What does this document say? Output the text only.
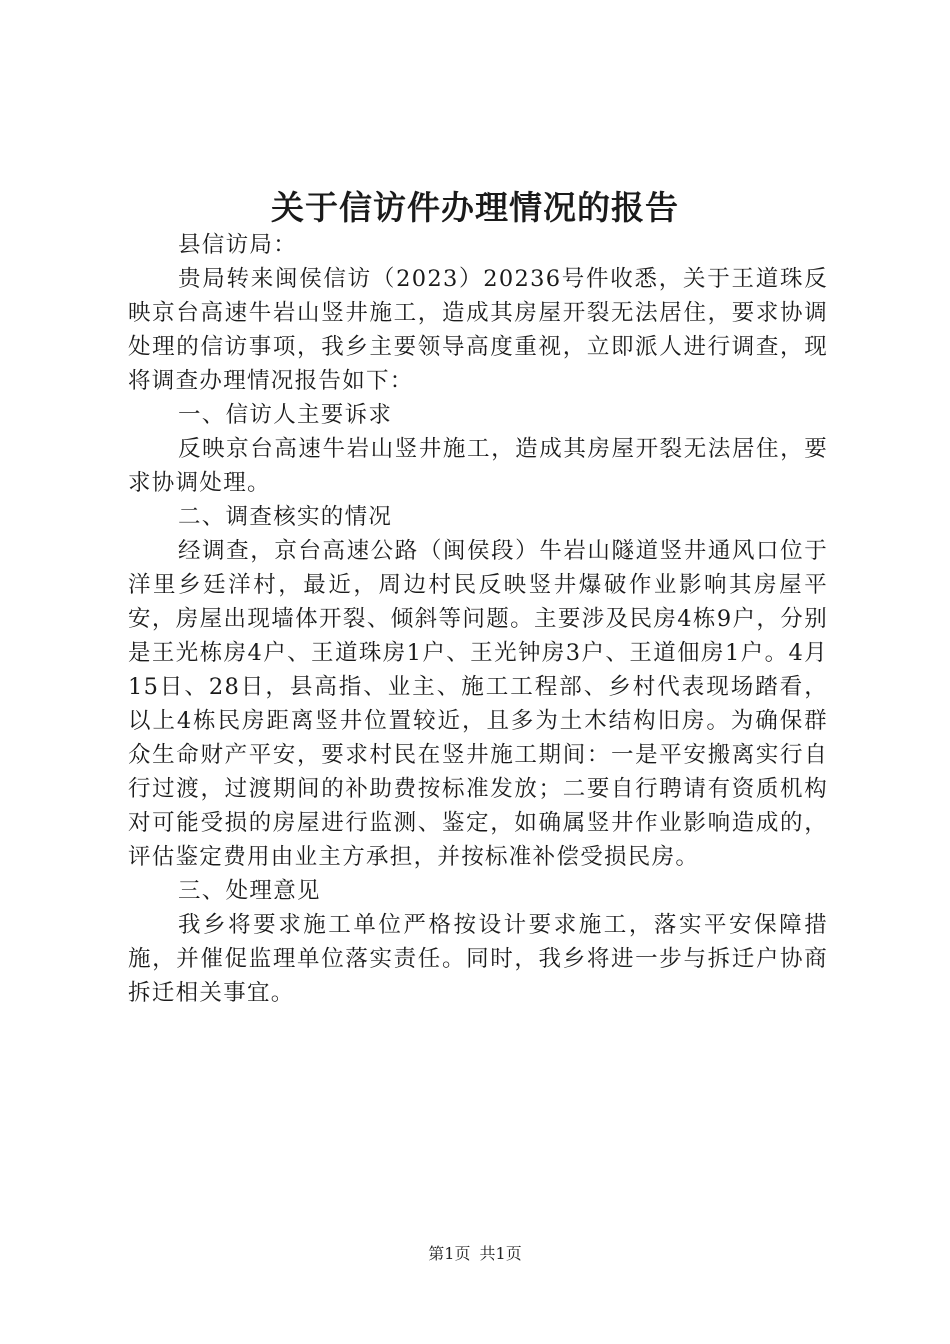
关于信访件办理情况的报告

县信访局：

贵局转来闽侯信访（2023）20236号件收悉，关于王道珠反映京台高速牛岩山竖井施工，造成其房屋开裂无法居住，要求协调处理的信访事项，我乡主要领导高度重视，立即派人进行调查，现将调查办理情况报告如下：

一、信访人主要诉求

反映京台高速牛岩山竖井施工，造成其房屋开裂无法居住，要求协调处理。

二、调查核实的情况

经调查，京台高速公路（闽侯段）牛岩山隧道竖井通风口位于洋里乡廷洋村，最近，周边村民反映竖井爆破作业影响其房屋平安，房屋出现墙体开裂、倾斜等问题。主要涉及民房4栋9户，分别是王光栋房4户、王道珠房1户、王光钟房3户、王道佃房1户。4月15日、28日，县高指、业主、施工工程部、乡村代表现场踏看，以上4栋民房距离竖井位置较近，且多为土木结构旧房。为确保群众生命财产平安，要求村民在竖井施工期间：一是平安搬离实行自行过渡，过渡期间的补助费按标准发放；二要自行聘请有资质机构对可能受损的房屋进行监测、鉴定，如确属竖井作业影响造成的，评估鉴定费用由业主方承担，并按标准补偿受损民房。

三、处理意见

我乡将要求施工单位严格按设计要求施工，落实平安保障措施，并催促监理单位落实责任。同时，我乡将进一步与拆迁户协商拆迁相关事宜。

第1页 共1页
